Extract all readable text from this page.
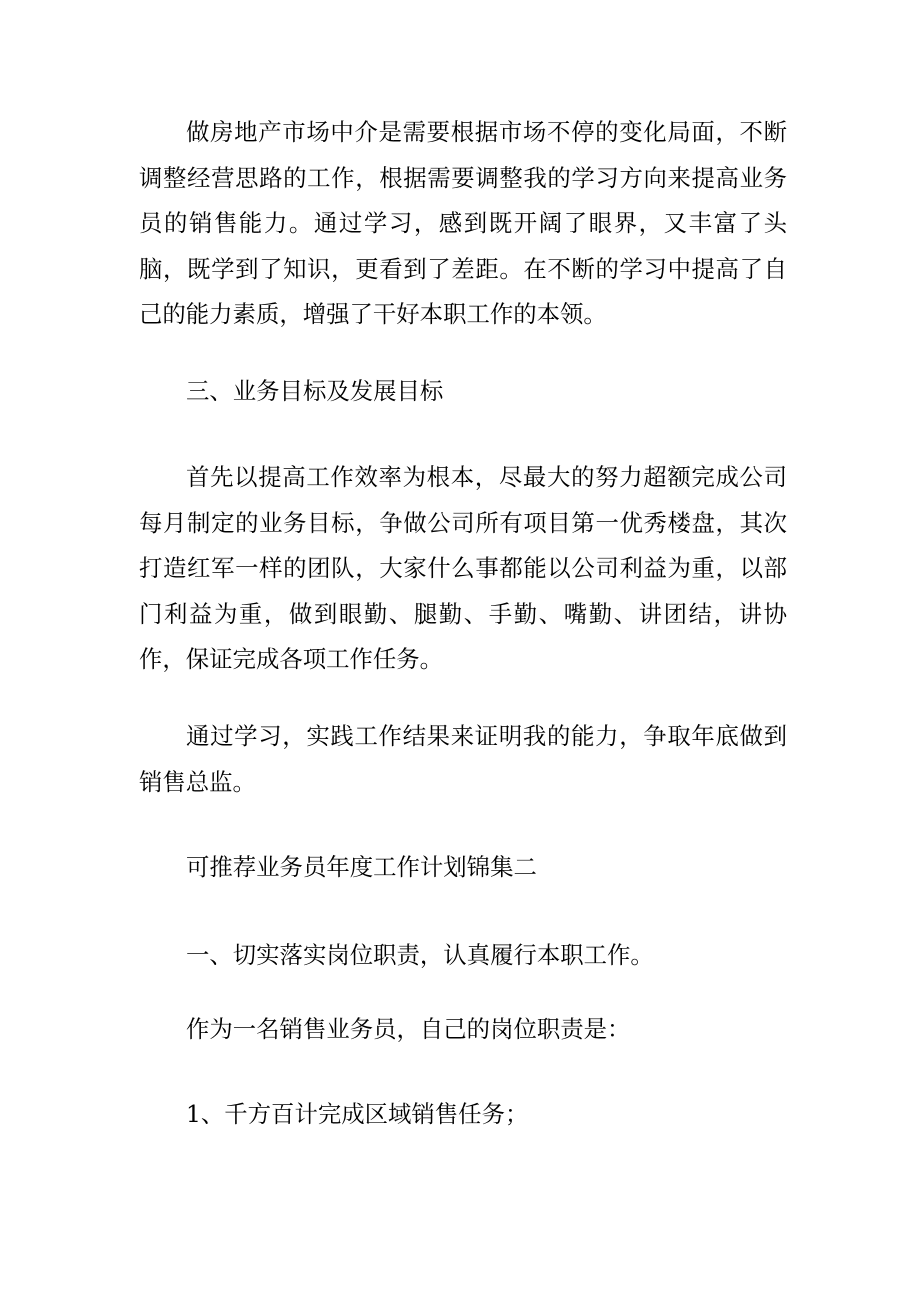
做房地产市场中介是需要根据市场不停的变化局面，不断调整经营思路的工作，根据需要调整我的学习方向来提高业务员的销售能力。通过学习，感到既开阔了眼界，又丰富了头脑，既学到了知识，更看到了差距。在不断的学习中提高了自己的能力素质，增强了干好本职工作的本领。

三、业务目标及发展目标

首先以提高工作效率为根本，尽最大的努力超额完成公司每月制定的业务目标，争做公司所有项目第一优秀楼盘，其次打造红军一样的团队，大家什么事都能以公司利益为重，以部门利益为重，做到眼勤、腿勤、手勤、嘴勤、讲团结，讲协作，保证完成各项工作任务。

通过学习，实践工作结果来证明我的能力，争取年底做到销售总监。

可推荐业务员年度工作计划锦集二

一、切实落实岗位职责，认真履行本职工作。

作为一名销售业务员，自己的岗位职责是：

1、千方百计完成区域销售任务；
